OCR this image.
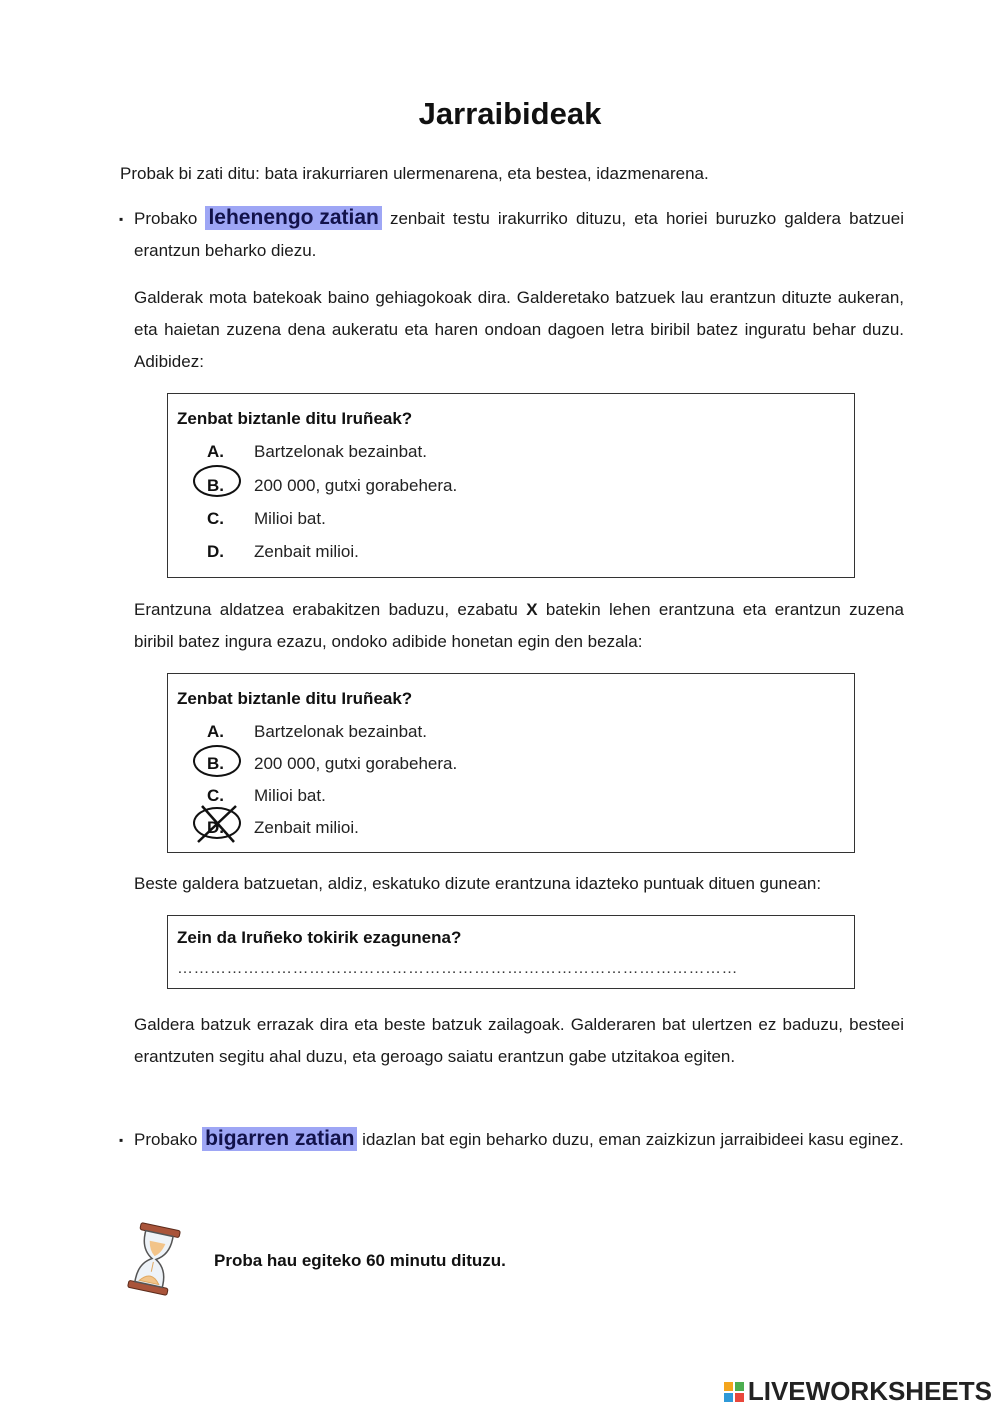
Jarraibideak
Probak bi zati ditu: bata irakurriaren ulermenarena, eta bestea, idazmenarena.
▪ Probako lehenengo zatian zenbait testu irakurriko dituzu, eta horiei buruzko galdera batzuei erantzun beharko diezu.
Galderak mota batekoak baino gehiagokoak dira. Galderetako batzuek lau erantzun dituzte aukeran, eta haietan zuzena dena aukeratu eta haren ondoan dagoen letra biribil batez inguratu behar duzu. Adibidez:
Zenbat biztanle ditu Iruñeak?
A.	Bartzelonak bezainbat.
B.	200 000, gutxi gorabehera.
C.	Milioi bat.
D.	Zenbait milioi.
Erantzuna aldatzea erabakitzen baduzu, ezabatu X batekin lehen erantzuna eta erantzun zuzena biribil batez ingura ezazu, ondoko adibide honetan egin den bezala:
Zenbat biztanle ditu Iruñeak?
A.	Bartzelonak bezainbat.
B.	200 000, gutxi gorabehera.
C.	Milioi bat.
D.	Zenbait milioi.
Beste galdera batzuetan, aldiz, eskatuko dizute erantzuna idazteko puntuak dituen gunean:
Zein da Iruñeko tokirik ezagunena?
…………………………………………………………………………………………
Galdera batzuk errazak dira eta beste batzuk zailagoak. Galderaren bat ulertzen ez baduzu, besteei erantzuten segitu ahal duzu, eta geroago saiatu erantzun gabe utzitakoa egiten.
▪ Probako bigarren zatian idazlan bat egin beharko duzu, eman zaizkizun jarraibideei kasu eginez.
Proba hau egiteko 60 minutu dituzu.
LIVEWORKSHEETS
